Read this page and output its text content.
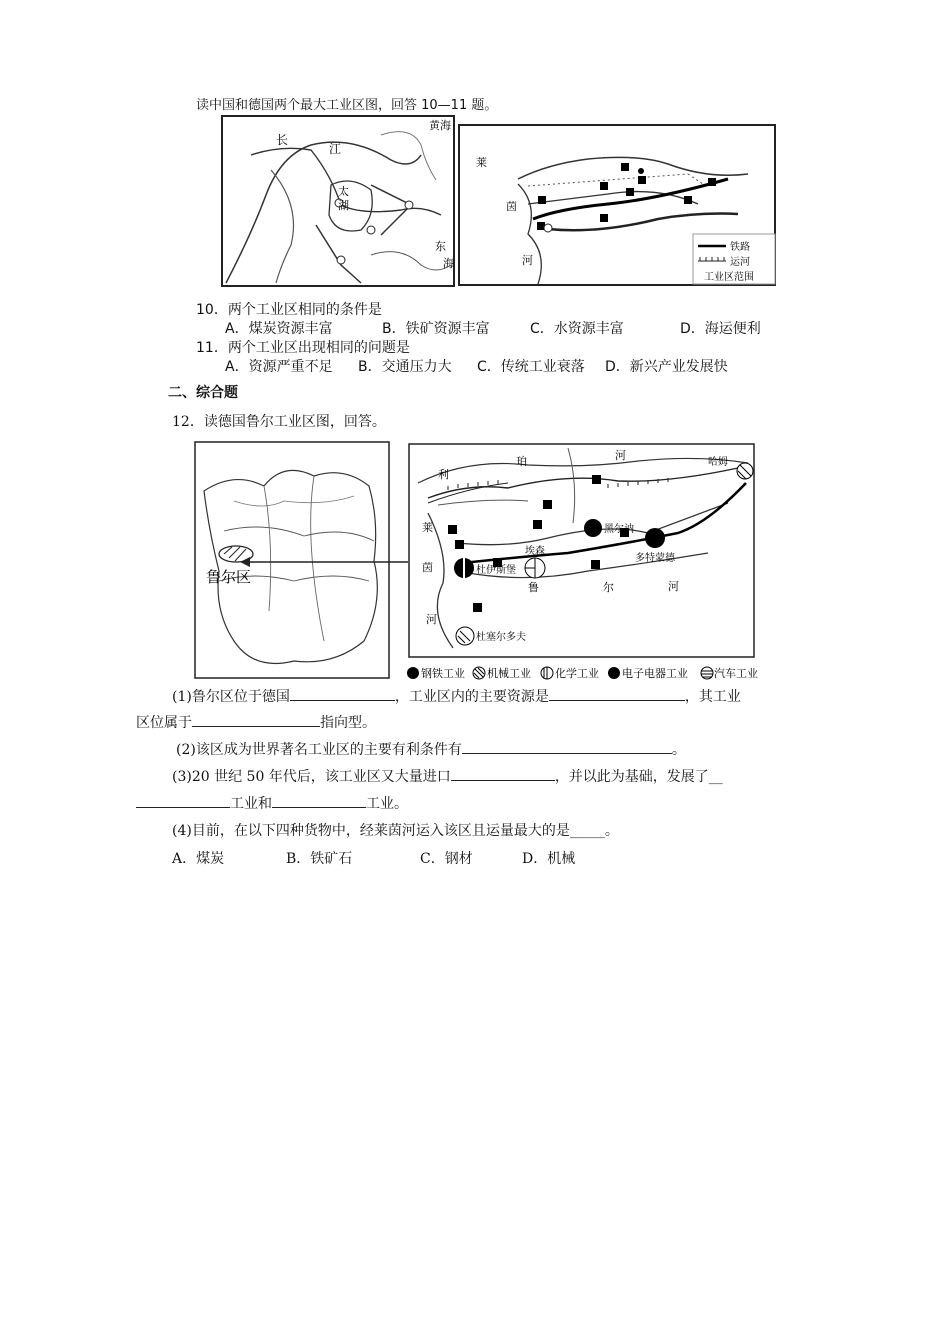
读中国和德国两个最大工业区图，回答 10—11 题。
长
江
黄海
太
湖
东
海
莱
茵
河
铁路
运河
工业区范围
10．两个工业区相同的条件是
A．煤炭资源丰富	B．铁矿资源丰富	C．水资源丰富	D．海运便利
11．两个工业区出现相同的问题是
A．资源严重不足 B．交通压力大 C．传统工业衰落 D．新兴产业发展快
二、综合题
12．读德国鲁尔工业区图，回答。
鲁尔区
利
珀	河
莱
茵
河
鲁	尔	河
哈姆
多特蒙德
黑尔讷
埃森
杜伊斯堡
杜塞尔多夫
钢铁工业 机械工业 化学工业 电子电器工业 汽车工业
(1)鲁尔区位于德国	，工业区内的主要资源是	，其工业
区位属于	指向型。
(2)该区成为世界著名工业区的主要有利条件有	。
(3)20 世纪 50 年代后，该工业区又大量进口	，并以此为基础，发展了__
工业和	工业。
(4)目前，在以下四种货物中，经莱茵河运入该区且运量最大的是_____。
A．煤炭	B．铁矿石	C．钢材	D．机械
